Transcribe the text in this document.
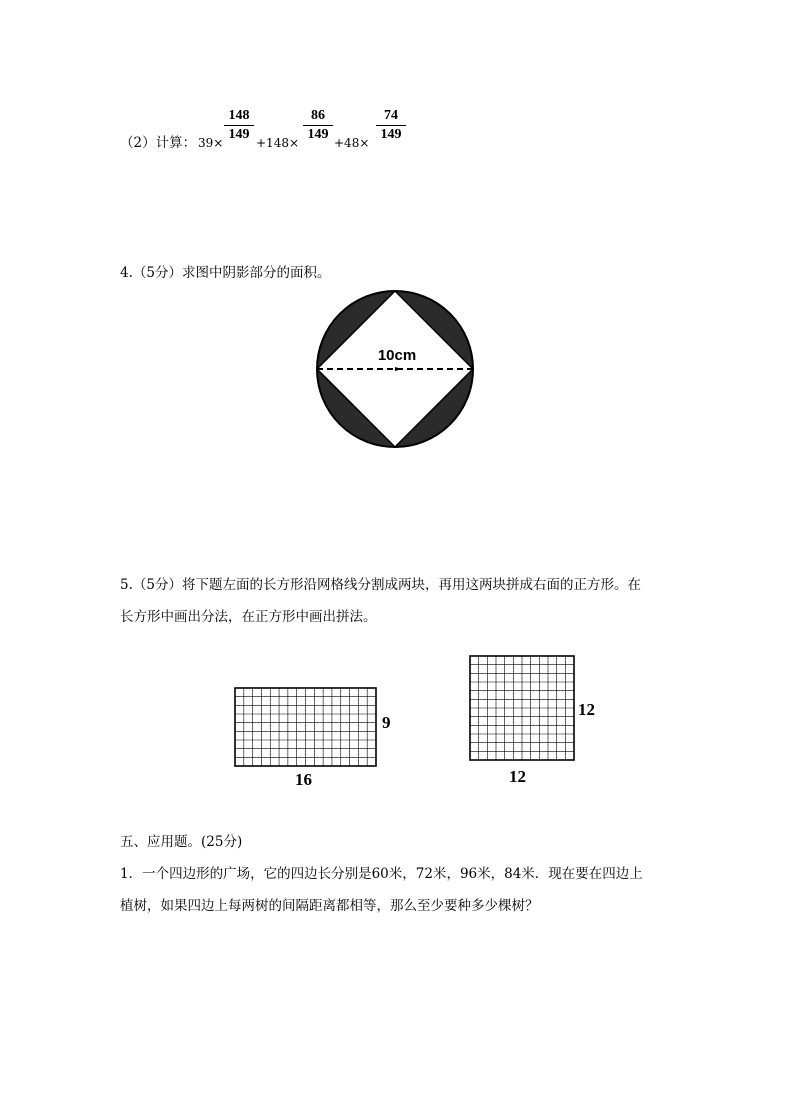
（2）计算： 39×
148
149
+148×
86
149
+48×
74
149
4.（5分）求图中阴影部分的面积。
10cm
5.（5分）将下题左面的长方形沿网格线分割成两块，再用这两块拼成右面的正方形。在
长方形中画出分法，在正方形中画出拼法。
9
16
12
12
五、应用题。(25分)
1．一个四边形的广场，它的四边长分别是60米，72米，96米，84米．现在要在四边上
植树，如果四边上每两树的间隔距离都相等，那么至少要种多少棵树？
